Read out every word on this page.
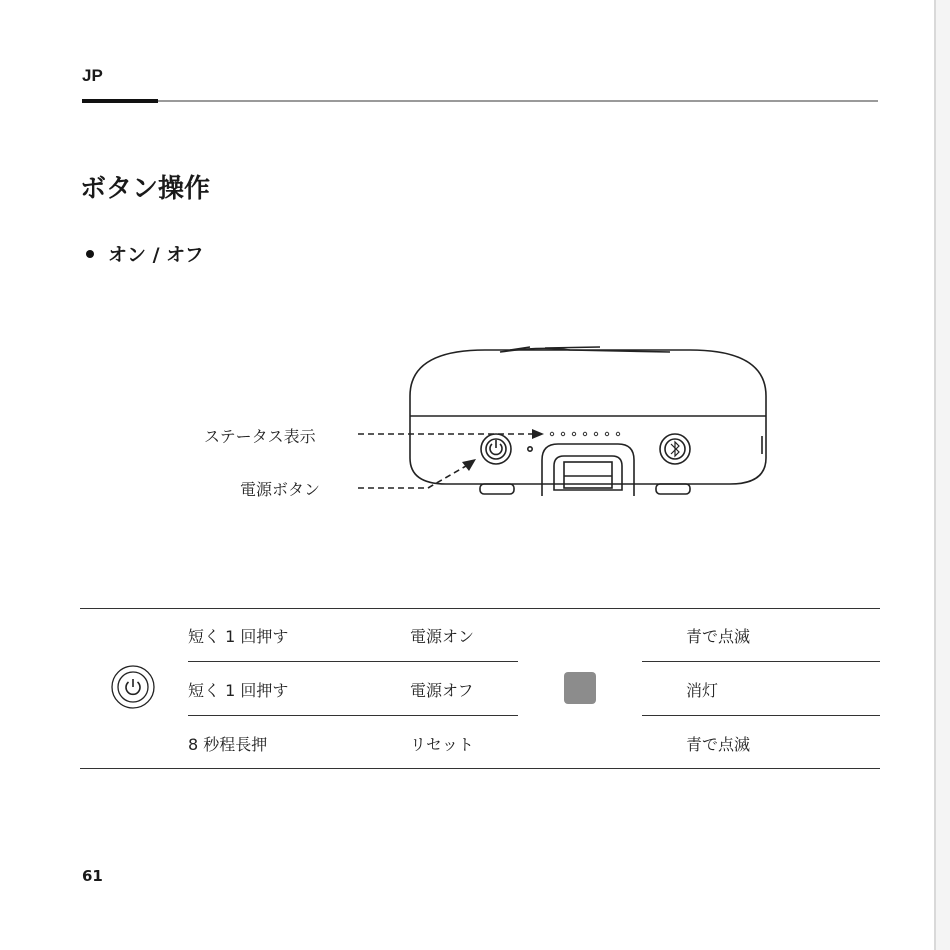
JP
ボタン操作
オン / オフ
ステータス表示
電源ボタン
短く 1 回押す	電源オン	青で点滅
短く 1 回押す	電源オフ	消灯
8 秒程長押	リセット	青で点滅
61
